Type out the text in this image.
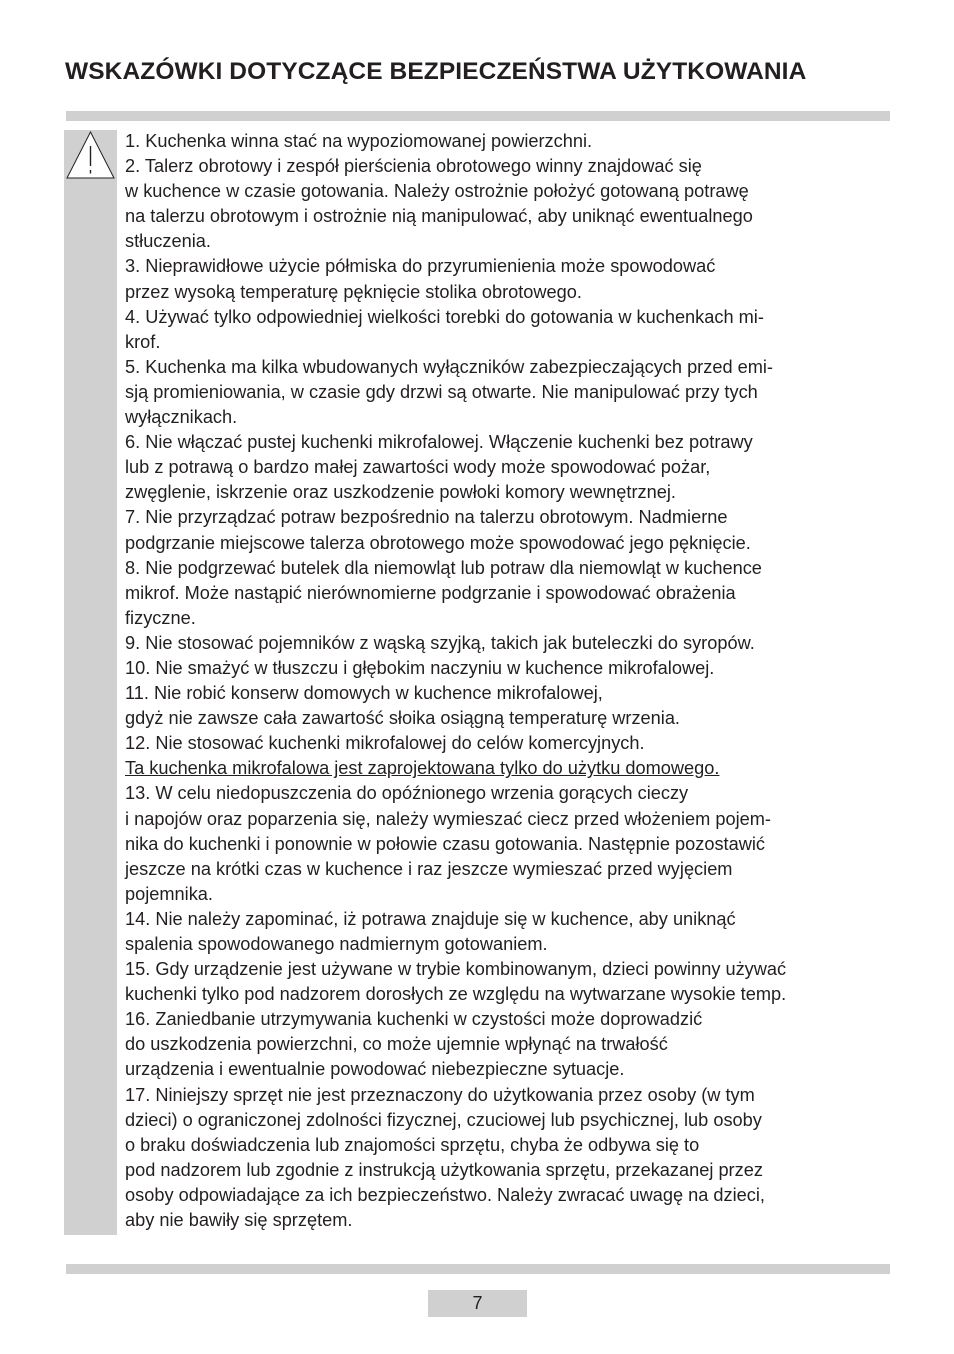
WSKAZÓWKI DOTYCZĄCE BEZPIECZEŃSTWA UŻYTKOWANIA
1. Kuchenka winna stać na wypoziomowanej powierzchni.
2. Talerz obrotowy i zespół pierścienia obrotowego winny znajdować się
w kuchence w czasie gotowania. Należy ostrożnie położyć gotowaną potrawę
na talerzu obrotowym i ostrożnie nią manipulować, aby uniknąć ewentualnego
stłuczenia.
3. Nieprawidłowe użycie półmiska do przyrumienienia może spowodować
przez wysoką temperaturę pęknięcie stolika obrotowego.
4. Używać tylko odpowiedniej wielkości torebki do gotowania w kuchenkach mi-
krof.
5. Kuchenka ma kilka wbudowanych wyłączników zabezpieczających przed emi-
sją promieniowania, w czasie gdy drzwi są otwarte. Nie manipulować przy tych
wyłącznikach.
6. Nie włączać pustej kuchenki mikrofalowej. Włączenie kuchenki bez potrawy
lub z potrawą o bardzo małej zawartości wody może spowodować pożar,
zwęglenie, iskrzenie oraz uszkodzenie powłoki komory wewnętrznej.
7. Nie przyrządzać potraw bezpośrednio na talerzu obrotowym. Nadmierne
podgrzanie miejscowe talerza obrotowego może spowodować jego pęknięcie.
8. Nie podgrzewać butelek dla niemowląt lub potraw dla niemowląt w kuchence
mikrof. Może nastąpić nierównomierne podgrzanie i spowodować obrażenia
fizyczne.
9. Nie stosować pojemników z wąską szyjką, takich jak buteleczki do syropów.
10. Nie smażyć w tłuszczu i głębokim naczyniu w kuchence mikrofalowej.
11. Nie robić konserw domowych w kuchence mikrofalowej,
gdyż nie zawsze cała zawartość słoika osiągną temperaturę wrzenia.
12. Nie stosować kuchenki mikrofalowej do celów komercyjnych.
Ta kuchenka mikrofalowa jest zaprojektowana tylko do użytku domowego.
13. W celu niedopuszczenia do opóźnionego wrzenia gorących cieczy
i napojów oraz poparzenia się, należy wymieszać ciecz przed włożeniem pojem-
nika do kuchenki i ponownie w połowie czasu gotowania. Następnie pozostawić
jeszcze na krótki czas w kuchence i raz jeszcze wymieszać przed wyjęciem
pojemnika.
14. Nie należy zapominać, iż potrawa znajduje się w kuchence, aby uniknąć
spalenia spowodowanego nadmiernym gotowaniem.
15. Gdy urządzenie jest używane w trybie kombinowanym, dzieci powinny używać
kuchenki tylko pod nadzorem dorosłych ze względu na wytwarzane wysokie temp.
16. Zaniedbanie utrzymywania kuchenki w czystości może doprowadzić
do uszkodzenia powierzchni, co może ujemnie wpłynąć na trwałość
urządzenia i ewentualnie powodować niebezpieczne sytuacje.
17. Niniejszy sprzęt nie jest przeznaczony do użytkowania przez osoby (w tym
dzieci) o ograniczonej zdolności fizycznej, czuciowej lub psychicznej, lub osoby
o braku doświadczenia lub znajomości sprzętu, chyba że odbywa się to
pod nadzorem lub zgodnie z instrukcją użytkowania sprzętu, przekazanej przez
osoby odpowiadające za ich bezpieczeństwo. Należy zwracać uwagę na dzieci,
aby nie bawiły się sprzętem.
7
